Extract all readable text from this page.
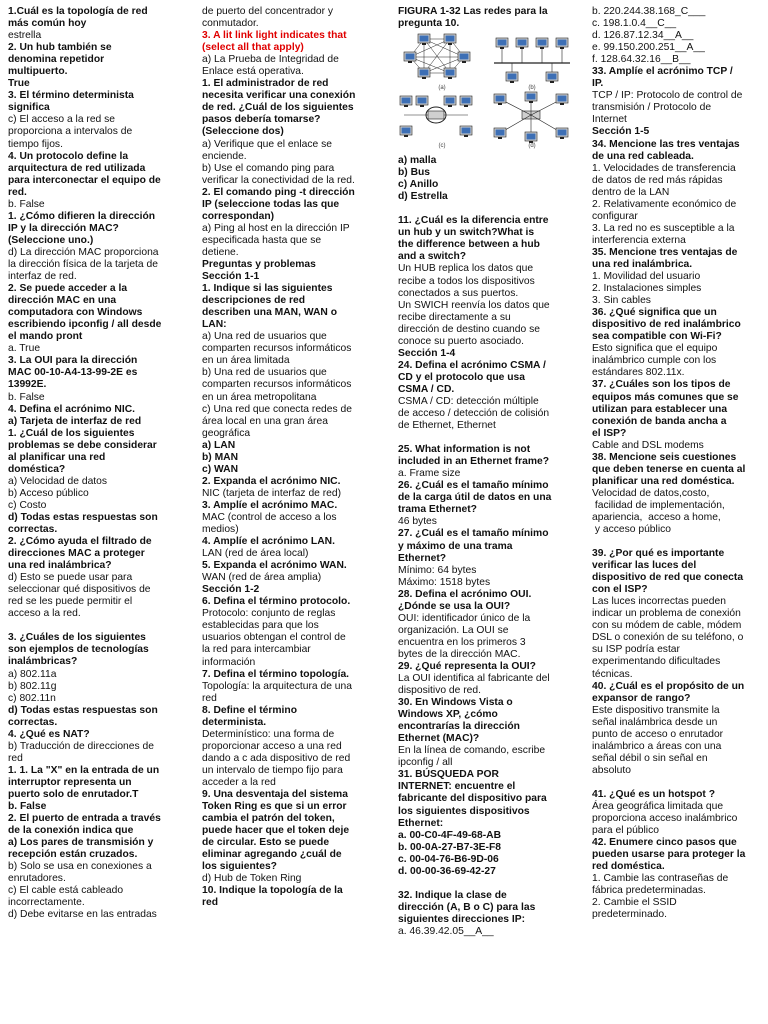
1.Cuál es la topología de red
más común hoy
estrella
2. Un hub también se
denomina repetidor
multipuerto.
True
3. El término determinista
significa
c) El acceso a la red se
proporciona a intervalos de
tiempo fijos.
4. Un protocolo define la
arquitectura de red utilizada
para interconectar el equipo de
red.
b. False
1. ¿Cómo difieren la dirección
IP y la dirección MAC?
(Seleccione uno.)
d) La dirección MAC proporciona
la dirección física de la tarjeta de
interfaz de red.
2. Se puede acceder a la
dirección MAC en una
computadora con Windows
escribiendo ipconfig / all desde
el mando pront
a. True
3. La OUI para la dirección
MAC 00-10-A4-13-99-2E es
13992E.
b. False
4. Defina el acrónimo NIC.
a) Tarjeta de interfaz de red
1. ¿Cuál de los siguientes
problemas se debe considerar
al planificar una red
doméstica?
a) Velocidad de datos
b) Acceso público
c) Costo
d) Todas estas respuestas son
correctas.
2. ¿Cómo ayuda el filtrado de
direcciones MAC a proteger
una red inalámbrica?
d) Esto se puede usar para
seleccionar qué dispositivos de
red se les puede permitir el
acceso a la red.
3. ¿Cuáles de los siguientes
son ejemplos de tecnologías
inalámbricas?
a) 802.11a
b) 802.11g
c) 802.11n
d) Todas estas respuestas son
correctas.
4. ¿Qué es NAT?
b) Traducción de direcciones de
red
1. 1. La "X" en la entrada de un
interruptor representa un
puerto solo de enrutador.T
b. False
2. El puerto de entrada a través
de la conexión indica que
a) Los pares de transmisión y
recepción están cruzados.
b) Solo se usa en conexiones a
enrutadores.
c) El cable está cableado
incorrectamente.
d) Debe evitarse en las entradas
de puerto del concentrador y
conmutador.
3. A lit link light indicates that
(select all that apply)
a) La Prueba de Integridad de
Enlace está operativa.
1. El administrador de red
necesita verificar una conexión
de red. ¿Cuál de los siguientes
pasos debería tomarse?
(Seleccione dos)
a) Verifique que el enlace se
enciende.
b) Use el comando ping para
verificar la conectividad de la red.
2. El comando ping -t dirección
IP (seleccione todas las que
correspondan)
a) Ping al host en la dirección IP
especificada hasta que se
detiene.
Preguntas y problemas
Sección 1-1
1. Indique si las siguientes
descripciones de red
describen una MAN, WAN o
LAN:
a) Una red de usuarios que
comparten recursos informáticos
en un área limitada
b) Una red de usuarios que
comparten recursos informáticos
en un área metropolitana
c) Una red que conecta redes de
área local en una gran área
geográfica
a) LAN
b) MAN
c) WAN
2. Expanda el acrónimo NIC.
NIC (tarjeta de interfaz de red)
3. Amplíe el acrónimo MAC.
MAC (control de acceso a los
medios)
4. Amplíe el acrónimo LAN.
LAN (red de área local)
5. Expanda el acrónimo WAN.
WAN (red de área amplia)
Sección 1-2
6. Defina el término protocolo.
Protocolo: conjunto de reglas
establecidas para que los
usuarios obtengan el control de
la red para intercambiar
información
7. Defina el término topología.
Topología: la arquitectura de una
red
8. Define el término
determinista.
Determinístico: una forma de
proporcionar acceso a una red
dando a c ada dispositivo de red
un intervalo de tiempo fijo para
acceder a la red
9. Una desventaja del sistema
Token Ring es que si un error
cambia el patrón del token,
puede hacer que el token deje
de circular. Esto se puede
eliminar agregando ¿cuál de
los siguientes?
d) Hub de Token Ring
10. Indique la topología de la
red
FIGURA 1-32 Las redes para la
pregunta 10.
(a)	(b)
(c)	(d)
a) malla
b) Bus
c) Anillo
d) Estrella
11. ¿Cuál es la diferencia entre
un hub y un switch?What is
the difference between a hub
and a switch?
Un HUB replica los datos que
recibe a todos los dispositivos
conectados a sus puertos.
Un SWICH reenvía los datos que
recibe directamente a su
dirección de destino cuando se
conoce su puerto asociado.
Sección 1-4
24. Defina el acrónimo CSMA /
CD y el protocolo que usa
CSMA / CD.
CSMA / CD: detección múltiple
de acceso / detección de colisión
de Ethernet, Ethernet
25. What information is not
included in an Ethernet frame?
a. Frame size
26. ¿Cuál es el tamaño mínimo
de la carga útil de datos en una
trama Ethernet?
46 bytes
27. ¿Cuál es el tamaño mínimo
y máximo de una trama
Ethernet?
Mínimo: 64 bytes
Máximo: 1518 bytes
28. Defina el acrónimo OUI.
¿Dónde se usa la OUI?
OUI: identificador único de la
organización. La OUI se
encuentra en los primeros 3
bytes de la dirección MAC.
29. ¿Qué representa la OUI?
La OUI identifica al fabricante del
dispositivo de red.
30. En Windows Vista o
Windows XP, ¿cómo
encontrarías la dirección
Ethernet (MAC)?
En la línea de comando, escribe
ipconfig / all
31. BÚSQUEDA POR
INTERNET: encuentre el
fabricante del dispositivo para
los siguientes dispositivos
Ethernet:
a. 00-C0-4F-49-68-AB
b. 00-0A-27-B7-3E-F8
c. 00-04-76-B6-9D-06
d. 00-00-36-69-42-27
32. Indique la clase de
dirección (A, B o C) para las
siguientes direcciones IP:
a. 46.39.42.05__A__
b. 220.244.38.168_C___
c. 198.1.0.4__C__
d. 126.87.12.34__A__
e. 99.150.200.251__A__
f. 128.64.32.16__B__
33. Amplíe el acrónimo TCP /
IP.
TCP / IP: Protocolo de control de
transmisión / Protocolo de
Internet
Sección 1-5
34. Mencione las tres ventajas
de una red cableada.
1. Velocidades de transferencia
de datos de red más rápidas
dentro de la LAN
2. Relativamente económico de
configurar
3. La red no es susceptible a la
interferencia externa
35. Mencione tres ventajas de
una red inalámbrica.
1. Movilidad del usuario
2. Instalaciones simples
3. Sin cables
36. ¿Qué significa que un
dispositivo de red inalámbrico
sea compatible con Wi-Fi?
Esto significa que el equipo
inalámbrico cumple con los
estándares 802.11x.
37. ¿Cuáles son los tipos de
equipos más comunes que se
utilizan para establecer una
conexión de banda ancha a
el ISP?
Cable and DSL modems
38. Mencione seis cuestiones
que deben tenerse en cuenta al
planificar una red doméstica.
Velocidad de datos,costo,
facilidad de implementación,
apariencia,  acceso a home,
y acceso público
39. ¿Por qué es importante
verificar las luces del
dispositivo de red que conecta
con el ISP?
Las luces incorrectas pueden
indicar un problema de conexión
con su módem de cable, módem
DSL o conexión de su teléfono, o
su ISP podría estar
experimentando dificultades
técnicas.
40. ¿Cuál es el propósito de un
expansor de rango?
Este dispositivo transmite la
señal inalámbrica desde un
punto de acceso o enrutador
inalámbrico a áreas con una
señal débil o sin señal en
absoluto
41. ¿Qué es un hotspot ?
Área geográfica limitada que
proporciona acceso inalámbrico
para el público
42. Enumere cinco pasos que
pueden usarse para proteger la
red doméstica.
1. Cambie las contraseñas de
fábrica predeterminadas.
2. Cambie el SSID
predeterminado.
